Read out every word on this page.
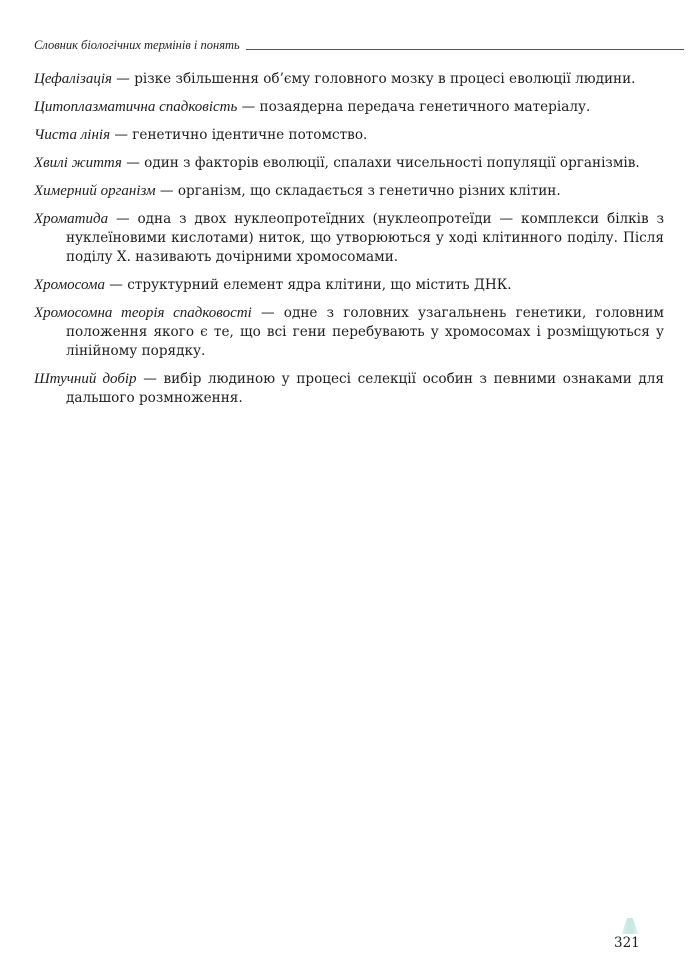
Словник біологічних термінів і понять

Цефалізація — різке збільшення об’єму головного мозку в процесі еволюції людини.

Цитоплазматична спадковість — позаядерна передача генетичного матеріалу.

Чиста лінія — генетично ідентичне потомство.

Хвилі життя — один з факторів еволюції, спалахи чисельності популяції організмів.

Химерний організм — організм, що складається з генетично різних клітин.

Хроматида — одна з двох нуклеопротеїдних (нуклеопротеїди — комплекси білків з нуклеїновими кислотами) ниток, що утворюються у ході клітинного поділу. Після поділу Х. називають дочірними хромосомами.

Хромосома — структурний елемент ядра клітини, що містить ДНК.

Хромосомна теорія спадковості — одне з головних узагальнень генетики, головним положення якого є те, що всі гени перебувають у хромосомах і розміщуються у лінійному порядку.

Штучний добір — вибір людиною у процесі селекції особин з певними ознаками для дальшого розмноження.

321
